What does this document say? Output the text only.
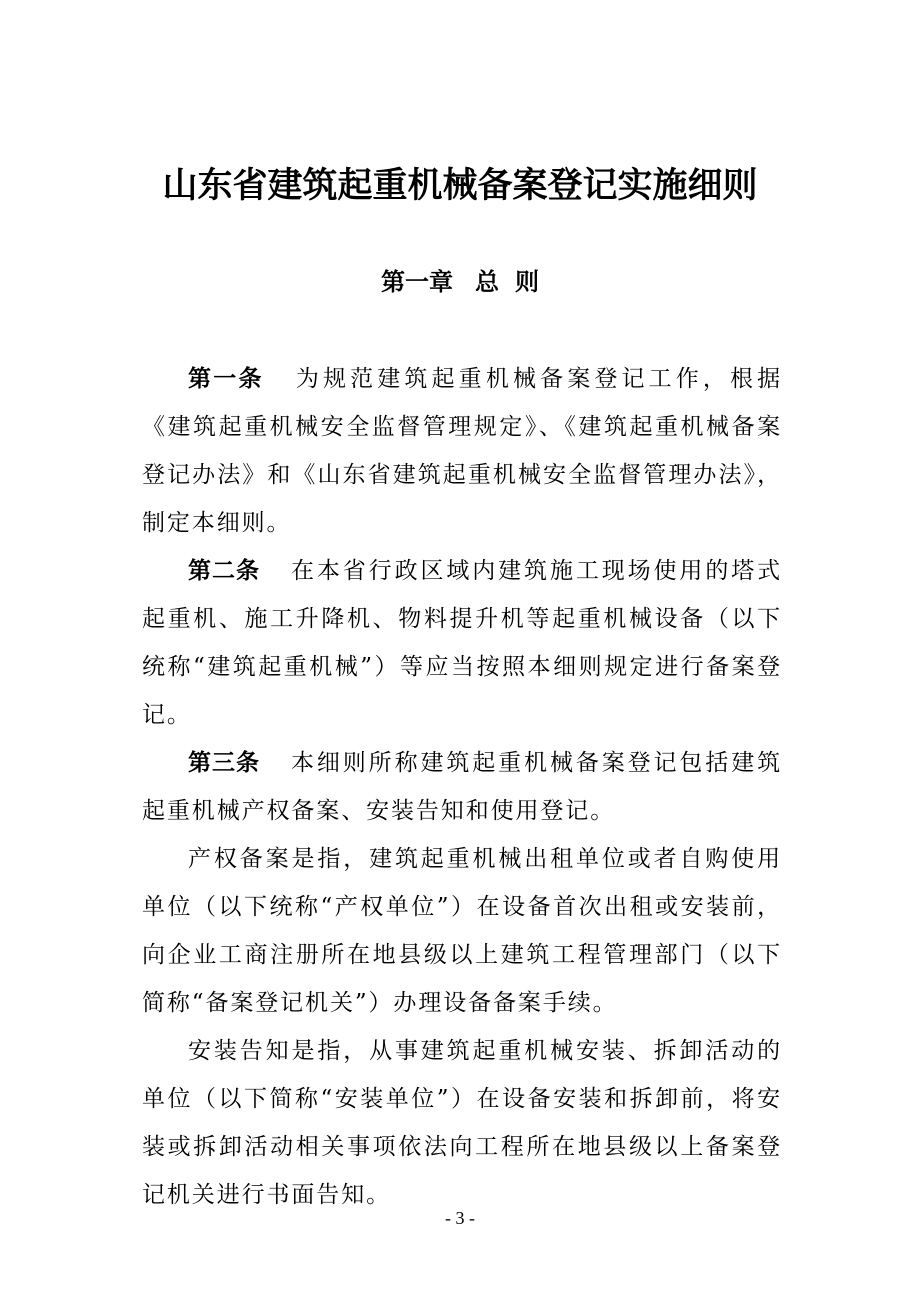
山东省建筑起重机械备案登记实施细则
第一章 总 则

第一条 为规范建筑起重机械备案登记工作，根据《建筑起重机械安全监督管理规定》、《建筑起重机械备案登记办法》和《山东省建筑起重机械安全监督管理办法》，制定本细则。

第二条 在本省行政区域内建筑施工现场使用的塔式起重机、施工升降机、物料提升机等起重机械设备（以下统称“建筑起重机械”）等应当按照本细则规定进行备案登记。

第三条 本细则所称建筑起重机械备案登记包括建筑起重机械产权备案、安装告知和使用登记。

产权备案是指，建筑起重机械出租单位或者自购使用单位（以下统称“产权单位”）在设备首次出租或安装前，向企业工商注册所在地县级以上建筑工程管理部门（以下简称“备案登记机关”）办理设备备案手续。

安装告知是指，从事建筑起重机械安装、拆卸活动的单位（以下简称“安装单位”）在设备安装和拆卸前，将安装或拆卸活动相关事项依法向工程所在地县级以上备案登记机关进行书面告知。

- 3 -
